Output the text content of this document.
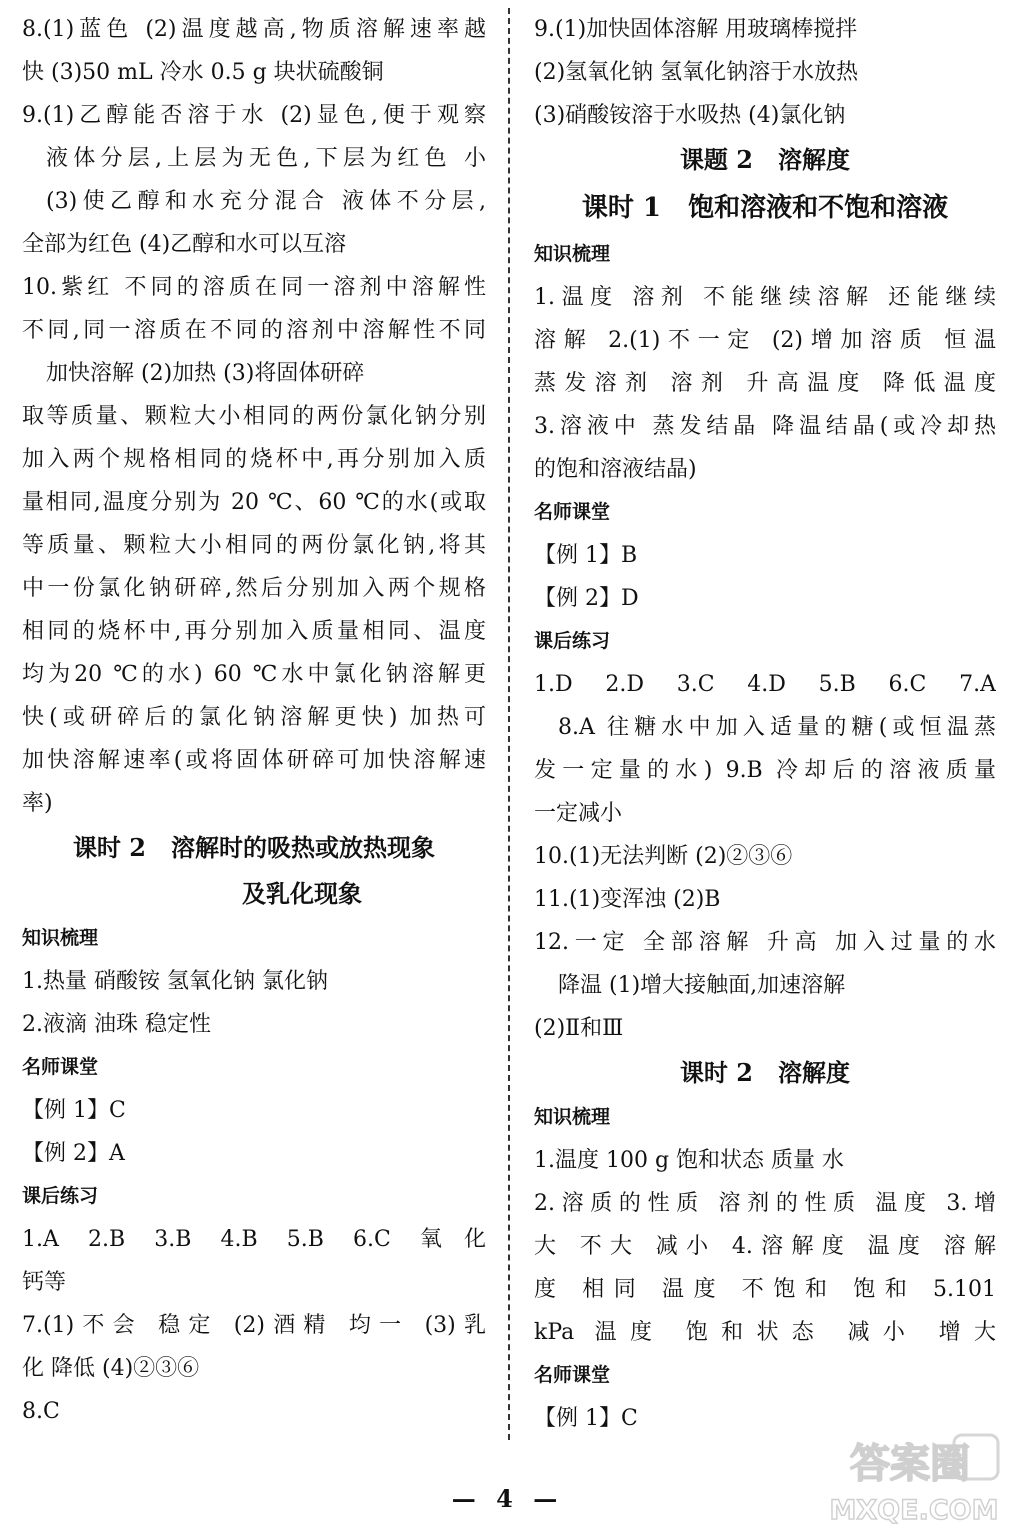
8.(1)蓝色 (2)温度越高,物质溶解速率越
快 (3)50 mL 冷水 0.5 g 块状硫酸铜
9.(1)乙醇能否溶于水 (2)显色,便于观察
液体分层,上层为无色,下层为红色 小
(3)使乙醇和水充分混合 液体不分层,
全部为红色 (4)乙醇和水可以互溶
10.紫红 不同的溶质在同一溶剂中溶解性
不同,同一溶质在不同的溶剂中溶解性不同
加快溶解 (2)加热 (3)将固体研碎
取等质量、颗粒大小相同的两份氯化钠分别
加入两个规格相同的烧杯中,再分别加入质
量相同,温度分别为 20 ℃、60 ℃的水(或取
等质量、颗粒大小相同的两份氯化钠,将其
中一份氯化钠研碎,然后分别加入两个规格
相同的烧杯中,再分别加入质量相同、温度
均为20 ℃的水) 60 ℃水中氯化钠溶解更
快(或研碎后的氯化钠溶解更快) 加热可
加快溶解速率(或将固体研碎可加快溶解速
率)
课时 2   溶解时的吸热或放热现象
及乳化现象
知识梳理
1.热量 硝酸铵 氢氧化钠 氯化钠
2.液滴 油珠 稳定性
名师课堂
【例 1】C
【例 2】A
课后练习
1.A 2.B 3.B 4.B 5.B 6.C 氧化
钙等
7.(1)不会 稳定 (2)酒精 均一 (3)乳
化 降低 (4)②③⑥
8.C
9.(1)加快固体溶解 用玻璃棒搅拌
(2)氢氧化钠 氢氧化钠溶于水放热
(3)硝酸铵溶于水吸热 (4)氯化钠
课题 2   溶解度
课时 1   饱和溶液和不饱和溶液
知识梳理
1.温度 溶剂 不能继续溶解 还能继续
溶解 2.(1)不一定 (2)增加溶质 恒温
蒸发溶剂 溶剂 升高温度 降低温度
3.溶液中 蒸发结晶 降温结晶(或冷却热
的饱和溶液结晶)
名师课堂
【例 1】B
【例 2】D
课后练习
1.D 2.D 3.C 4.D 5.B 6.C 7.A
8.A 往糖水中加入适量的糖(或恒温蒸
发一定量的水) 9.B 冷却后的溶液质量
一定减小
10.(1)无法判断 (2)②③⑥
11.(1)变浑浊 (2)B
12.一定 全部溶解 升高 加入过量的水
降温 (1)增大接触面,加速溶解
(2)Ⅱ和Ⅲ
课时 2   溶解度
知识梳理
1.温度 100 g 饱和状态 质量 水
2.溶质的性质 溶剂的性质 温度 3.增
大 不大 减小 4.溶解度 温度 溶解
度 相同 温度 不饱和 饱和 5.101
kPa 温度 饱和状态 减小 增大
名师课堂
【例 1】C
— 4 —
答案圈
MXQE.COM
